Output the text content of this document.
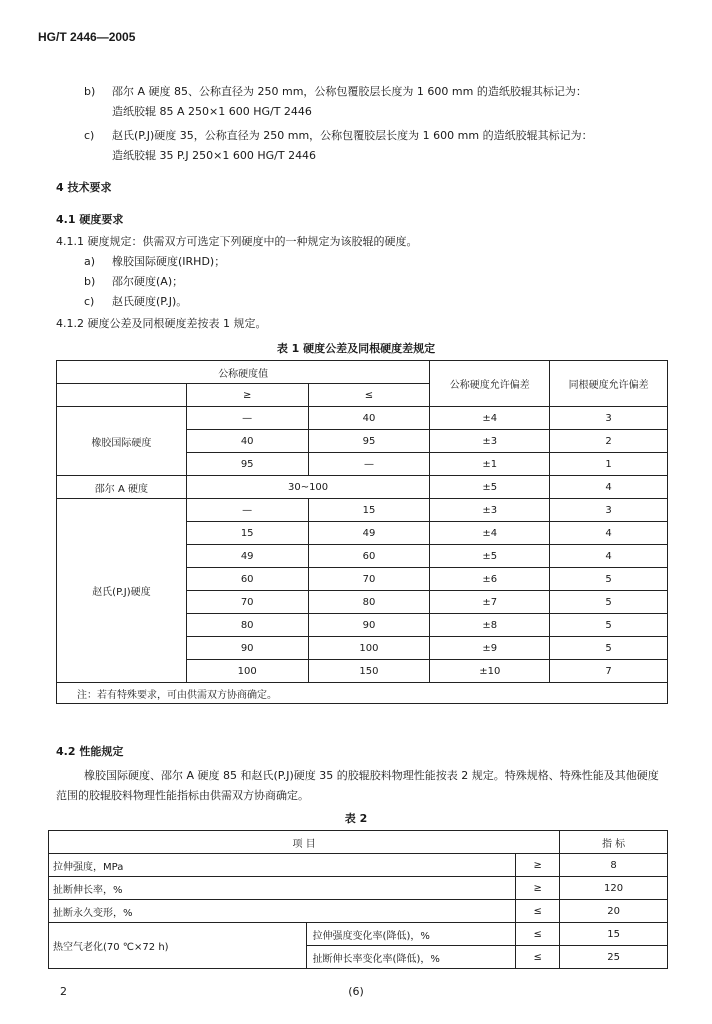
HG/T 2446—2005
b) 邵尔 A 硬度 85、公称直径为 250 mm，公称包覆胶层长度为 1 600 mm 的造纸胶辊其标记为：
造纸胶辊 85 A 250×1 600 HG/T 2446
c) 赵氏(P.J)硬度 35，公称直径为 250 mm，公称包覆胶层长度为 1 600 mm 的造纸胶辊其标记为：
造纸胶辊 35 P.J 250×1 600 HG/T 2446
4 技术要求
4.1 硬度要求
4.1.1 硬度规定：供需双方可选定下列硬度中的一种规定为该胶辊的硬度。
a) 橡胶国际硬度(IRHD)；
b) 邵尔硬度(A)；
c) 赵氏硬度(P.J)。
4.1.2 硬度公差及同根硬度差按表 1 规定。
表 1 硬度公差及同根硬度差规定
公称硬度值			公称硬度允许偏差	同根硬度允许偏差
	≥	≤		
橡胶国际硬度	—	40	±4	3
	40	95	±3	2
	95	—	±1	1
邵尔 A 硬度	30~100		±5	4
赵氏(P.J)硬度	—	15	±3	3
	15	49	±4	4
	49	60	±5	4
	60	70	±6	5
	70	80	±7	5
	80	90	±8	5
	90	100	±9	5
	100	150	±10	7
注：若有特殊要求，可由供需双方协商确定。				
4.2 性能规定
橡胶国际硬度、邵尔 A 硬度 85 和赵氏(P.J)硬度 35 的胶辊胶料物理性能按表 2 规定。特殊规格、特殊性能及其他硬度范围的胶辊胶料物理性能指标由供需双方协商确定。
表 2
项 目			指 标
拉伸强度，MPa		≥	8
扯断伸长率，%		≥	120
扯断永久变形，%		≤	20
热空气老化(70 ℃×72 h)	拉伸强度变化率(降低)，%	≤	15
	扯断伸长率变化率(降低)，%	≤	25
2	(6)
